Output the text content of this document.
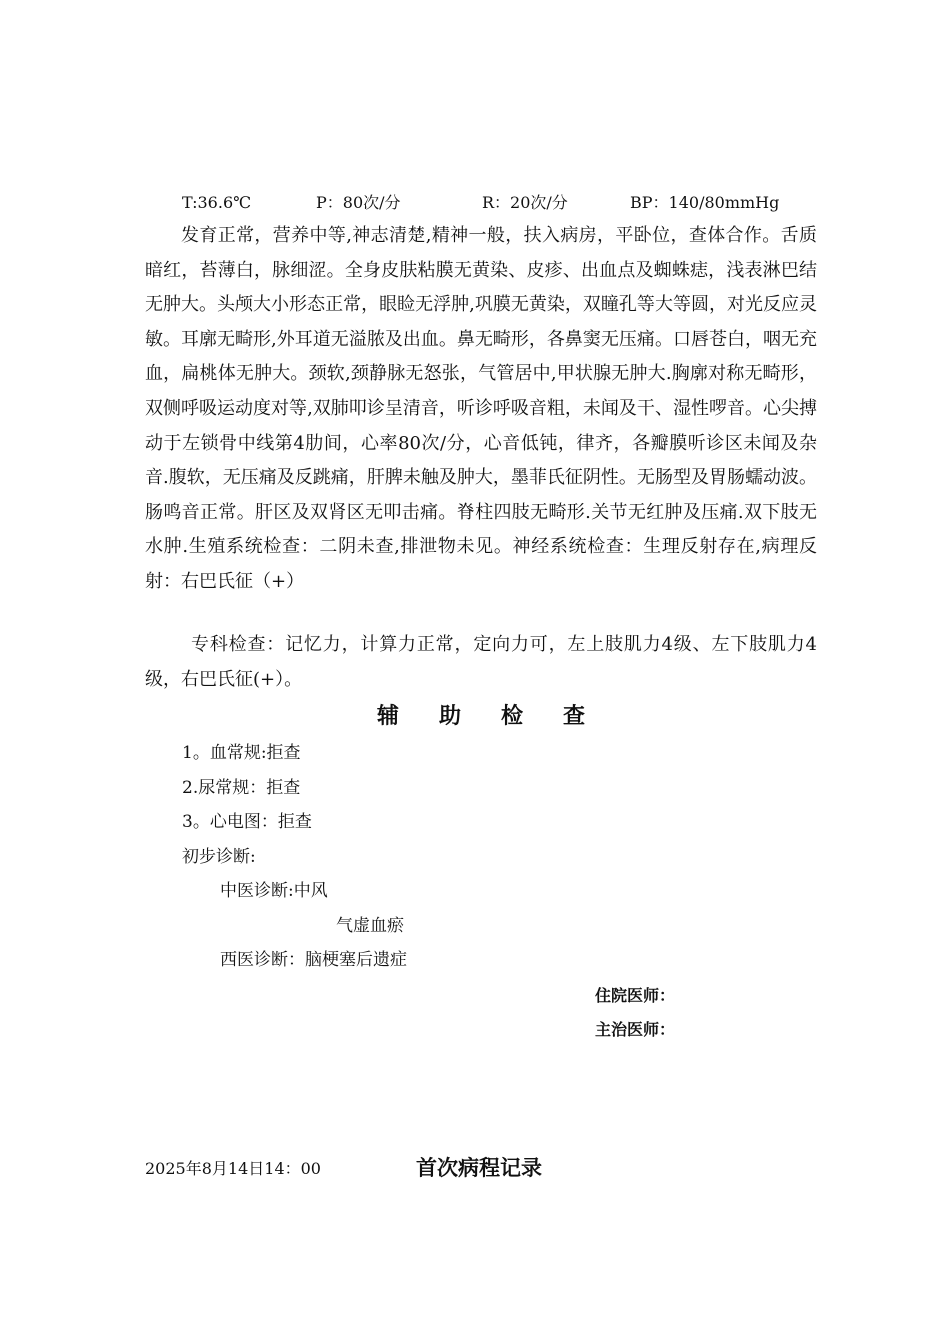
T:36.6℃	P：80次/分	R：20次/分	BP：140/80mmHg
发育正常，营养中等,神志清楚,精神一般，扶入病房，平卧位，查体合作。舌质暗红，苔薄白，脉细涩。全身皮肤粘膜无黄染、皮疹、出血点及蜘蛛痣，浅表淋巴结无肿大。头颅大小形态正常，眼睑无浮肿,巩膜无黄染，双瞳孔等大等圆，对光反应灵敏。耳廓无畸形,外耳道无溢脓及出血。鼻无畸形，各鼻窦无压痛。口唇苍白，咽无充血，扁桃体无肿大。颈软,颈静脉无怒张，气管居中,甲状腺无肿大.胸廓对称无畸形，双侧呼吸运动度对等,双肺叩诊呈清音，听诊呼吸音粗，未闻及干、湿性啰音。心尖搏动于左锁骨中线第4肋间，心率80次/分，心音低钝，律齐，各瓣膜听诊区未闻及杂音.腹软，无压痛及反跳痛，肝脾未触及肿大，墨菲氏征阴性。无肠型及胃肠蠕动波。肠鸣音正常。肝区及双肾区无叩击痛。脊柱四肢无畸形.关节无红肿及压痛.双下肢无水肿.生殖系统检查：二阴未查,排泄物未见。神经系统检查：生理反射存在,病理反射：右巴氏征（+）
专科检查：记忆力，计算力正常，定向力可，左上肢肌力4级、左下肢肌力4级，右巴氏征(+）。
辅助检查
1。血常规:拒查
2.尿常规：拒查
3。心电图：拒查
初步诊断:
中医诊断:中风
气虚血瘀
西医诊断：脑梗塞后遗症
住院医师：
主治医师：
2025年8月14日14：00	首次病程记录
